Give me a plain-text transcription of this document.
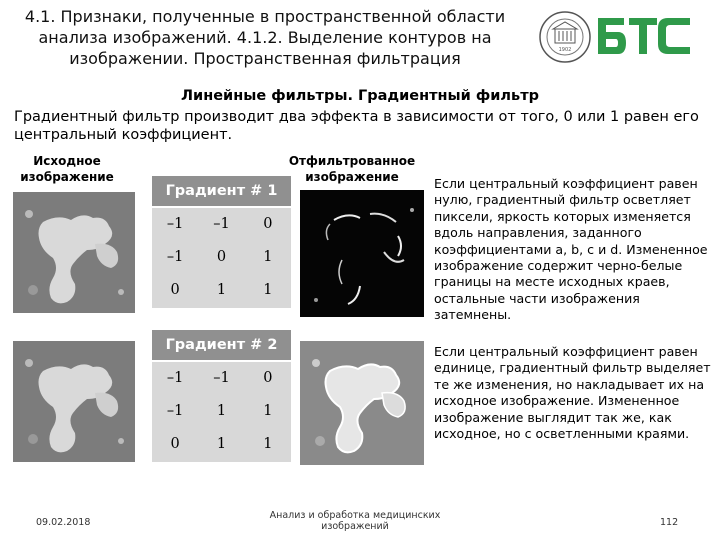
4.1. Признаки, полученные в пространственной области анализа изображений. 4.1.2. Выделение контуров на изображении. Пространственная фильтрация	1902
Линейные фильтры. Градиентный фильтр
Градиентный фильтр производит два эффекта в зависимости от того, 0 или 1 равен его центральный коэффициент.
Исходное изображение
Отфильтрованное изображение
Градиент # 1
–1	–1	0
–1	0	1
0	1	1
Градиент # 2
–1	–1	0
–1	1	1
0	1	1
Если центральный коэффициент равен нулю, градиентный фильтр осветляет пиксели, яркость которых изменяется вдоль направления, заданного коэффициентами a, b, c и d. Измененное изображение содержит черно-белые границы на месте исходных краев, остальные части изображения затемнены.
Если центральный коэффициент равен единице, градиентный фильтр выделяет те же изменения, но накладывает их на исходное изображение. Измененное изображение выглядит так же, как исходное, но с осветленными краями.
09.02.2018
Анализ и обработка медицинских изображений	112
